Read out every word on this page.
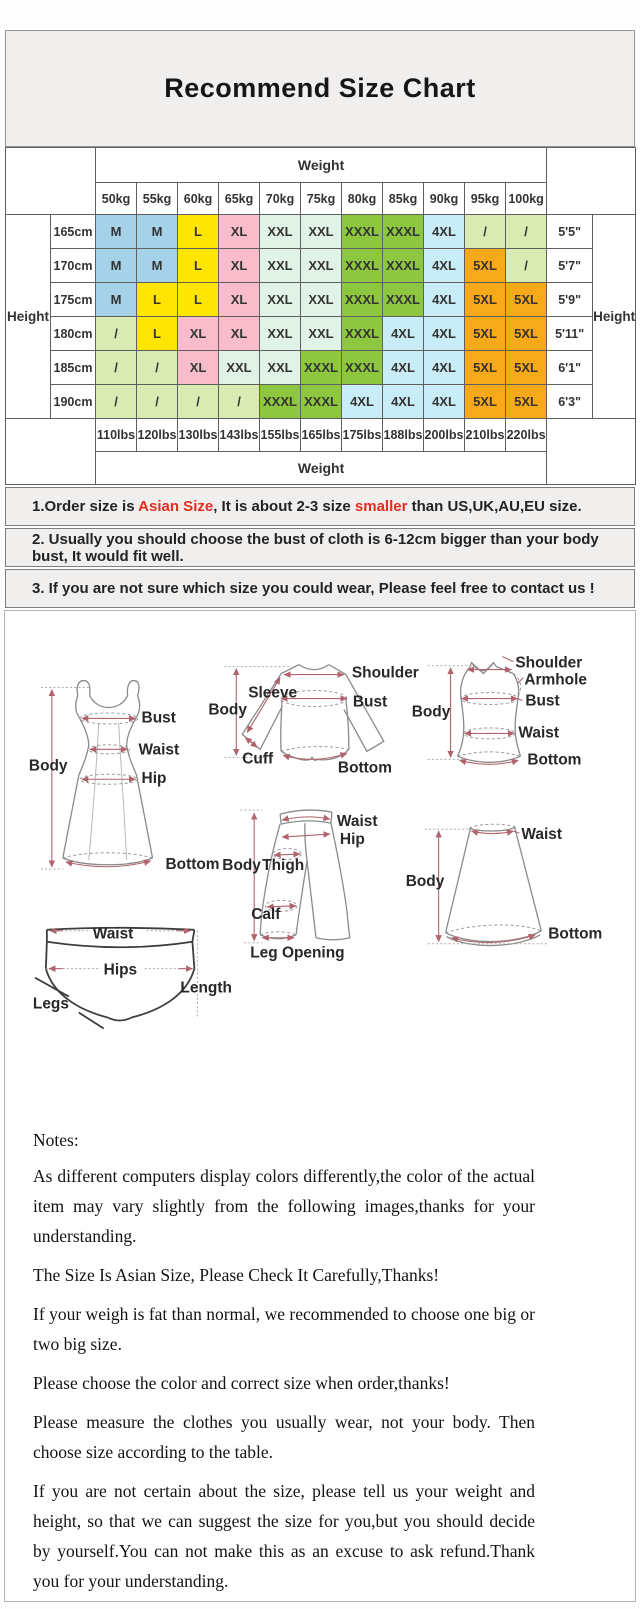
Recommend Size Chart
		Weight												
		50kg	55kg	60kg	65kg	70kg	75kg	80kg	85kg	90kg	95kg	100kg		
Height	165cm	M	M	L	XL	XXL	XXL	XXXL	XXXL	4XL	/	/	5'5"	Height
	170cm	M	M	L	XL	XXL	XXL	XXXL	XXXL	4XL	5XL	/	5'7"	
	175cm	M	L	L	XL	XXL	XXL	XXXL	XXXL	4XL	5XL	5XL	5'9"	
	180cm	/	L	XL	XL	XXL	XXL	XXXL	4XL	4XL	5XL	5XL	5'11"	
	185cm	/	/	XL	XXL	XXL	XXXL	XXXL	4XL	4XL	5XL	5XL	6'1"	
	190cm	/	/	/	/	XXXL	XXXL	4XL	4XL	4XL	5XL	5XL	6'3"	
		110lbs	120lbs	130lbs	143lbs	155lbs	165lbs	175lbs	188lbs	200lbs	210lbs	220lbs		
		Weight												
1.Order size is Asian Size, It is about 2-3 size smaller than US,UK,AU,EU size.
2. Usually you should choose the bust of cloth is 6-12cm bigger than your body bust, It would fit well.
3. If you are not sure which size you could wear, Please feel free to contact us !
Bust
Waist
Body
Hip
Bottom
Shoulder
Sleeve
Body	Bust
Cuff
Bottom
Shoulder
Armhole
Body
Bust
Waist
Bottom
Waist
Hip
Body Thigh
Calf
Leg Opening
Waist
Hips
Legs
Length
Waist
Body
Bottom
Notes:

As different computers display colors differently,the color of the actual item may vary slightly from the following images,thanks for your understanding.

The Size Is Asian Size, Please Check It Carefully,Thanks!

If your weigh is fat than normal, we recommended to choose one big or two big size.

Please choose the color and correct size when order,thanks!

Please measure the clothes you usually wear, not your body. Then choose size according to the table.

If you are not certain about the size, please tell us your weight and height, so that we can suggest the size for you,but you should decide by yourself.You can not make this as an excuse to ask refund.Thank you for your understanding.
